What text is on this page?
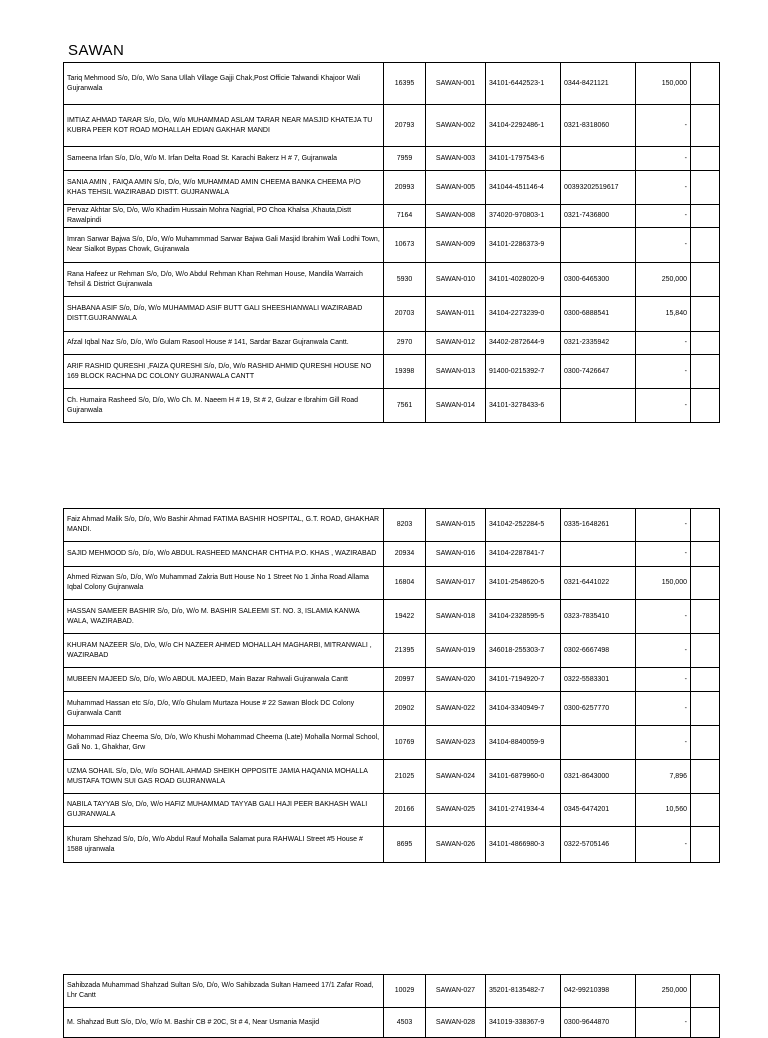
SAWAN
Tariq Mehmood S/o, D/o, W/o Sana Ullah Village Gajji Chak,Post Officie Talwandi Khajoor Wali Gujranwala	16395	SAWAN-001	34101-6442523-1	0344-8421121	150,000	
IMTIAZ AHMAD TARAR S/o, D/o, W/o MUHAMMAD ASLAM TARAR NEAR MASJID KHATEJA TU KUBRA PEER KOT ROAD MOHALLAH EDIAN GAKHAR MANDI	20793	SAWAN-002	34104-2292486-1	0321-8318060	-	
Sameena Irfan S/o, D/o, W/o M. Irfan Delta Road St. Karachi Bakerz H # 7, Gujranwala	7959	SAWAN-003	34101-1797543-6		-	
SANIA AMIN , FAIQA AMIN S/o, D/o, W/o MUHAMMAD AMIN CHEEMA BANKA CHEEMA P/O KHAS TEHSIL WAZIRABAD DISTT. GUJRANWALA	20993	SAWAN-005	341044-451146-4	00393202519617	-	
Pervaz Akhtar S/o, D/o, W/o Khadim Hussain Mohra Nagrial, PO Choa Khalsa ,Khauta,Distt Rawalpindi	7164	SAWAN-008	374020-970803-1	0321-7436800	-	
Imran Sarwar Bajwa S/o, D/o, W/o Muhammmad Sarwar Bajwa Gali Masjid Ibrahim Wali Lodhi Town, Near Sialkot Bypas Chowk, Gujranwala	10673	SAWAN-009	34101-2286373-9		-	
Rana Hafeez ur Rehman S/o, D/o, W/o Abdul Rehman Khan Rehman House, Mandila Warraich Tehsil & District Gujranwala	5930	SAWAN-010	34101-4028020-9	0300-6465300	250,000	
SHABANA ASIF S/o, D/o, W/o MUHAMMAD ASIF BUTT GALI SHEESHIANWALI WAZIRABAD DISTT.GUJRANWALA	20703	SAWAN-011	34104-2273239-0	0300-6888541	15,840	
Afzal Iqbal Naz S/o, D/o, W/o Gulam Rasool House # 141, Sardar Bazar Gujranwala Cantt.	2970	SAWAN-012	34402-2872644-9	0321-2335942	-	
ARIF RASHID QURESHI ,FAIZA QURESHI S/o, D/o, W/o RASHID AHMID QURESHI HOUSE NO 169 BLOCK RACHNA DC COLONY GUJRANWALA CANTT	19398	SAWAN-013	91400-0215392-7	0300-7426647	-	
Ch. Humaira Rasheed S/o, D/o, W/o Ch. M. Naeem H # 19, St # 2, Gulzar e Ibrahim Gill Road Gujranwala	7561	SAWAN-014	34101-3278433-6		-	
Faiz Ahmad Malik S/o, D/o, W/o Bashir Ahmad FATIMA BASHIR HOSPITAL, G.T. ROAD, GHAKHAR MANDI.	8203	SAWAN-015	341042-252284-5	0335-1648261	-	
SAJID MEHMOOD S/o, D/o, W/o ABDUL RASHEED MANCHAR CHTHA P.O. KHAS , WAZIRABAD	20934	SAWAN-016	34104-2287841-7		-	
Ahmed Rizwan S/o, D/o, W/o Muhammad Zakria Butt House No 1 Street No 1 Jinha Road Allama Iqbal Colony Gujranwala	16804	SAWAN-017	34101-2548620-5	0321-6441022	150,000	
HASSAN SAMEER BASHIR S/o, D/o, W/o M. BASHIR SALEEMI ST. NO. 3, ISLAMIA KANWA WALA, WAZIRABAD.	19422	SAWAN-018	34104-2328595-5	0323-7835410	-	
KHURAM NAZEER S/o, D/o, W/o CH NAZEER AHMED MOHALLAH MAGHARBI, MITRANWALI , WAZIRABAD	21395	SAWAN-019	346018-255303-7	0302-6667498	-	
MUBEEN MAJEED S/o, D/o, W/o ABDUL MAJEED, Main Bazar Rahwali Gujranwala Cantt	20997	SAWAN-020	34101-7194920-7	0322-5583301	-	
Muhammad Hassan etc S/o, D/o, W/o Ghulam Murtaza House # 22 Sawan Block DC Colony Gujranwala Cantt	20902	SAWAN-022	34104-3340949-7	0300-6257770	-	
Mohammad Riaz Cheema S/o, D/o, W/o Khushi Mohammad Cheema (Late) Mohalla Normal School, Gali No. 1, Ghakhar, Grw	10769	SAWAN-023	34104-8840059-9		-	
UZMA SOHAIL S/o, D/o, W/o SOHAIL AHMAD SHEIKH OPPOSITE JAMIA HAQANIA MOHALLA MUSTAFA TOWN SUI GAS ROAD GUJRANWALA	21025	SAWAN-024	34101-6879960-0	0321-8643000	7,896	
NABILA TAYYAB S/o, D/o, W/o HAFIZ MUHAMMAD TAYYAB GALI HAJI PEER BAKHASH WALI GUJRANWALA	20166	SAWAN-025	34101-2741934-4	0345-6474201	10,560	
Khuram Shehzad S/o, D/o, W/o Abdul Rauf Mohalla Salamat pura RAHWALI Street #5 House # 1588 ujranwala	8695	SAWAN-026	34101-4866980-3	0322-5705146	-	
Sahibzada Muhammad Shahzad Sultan S/o, D/o, W/o Sahibzada Sultan Hameed 17/1 Zafar Road, Lhr Cantt	10029	SAWAN-027	35201-8135482-7	042-99210398	250,000	
M. Shahzad Butt S/o, D/o, W/o M. Bashir CB # 20C, St # 4, Near Usmania Masjid	4503	SAWAN-028	341019-338367-9	0300-9644870	-	
